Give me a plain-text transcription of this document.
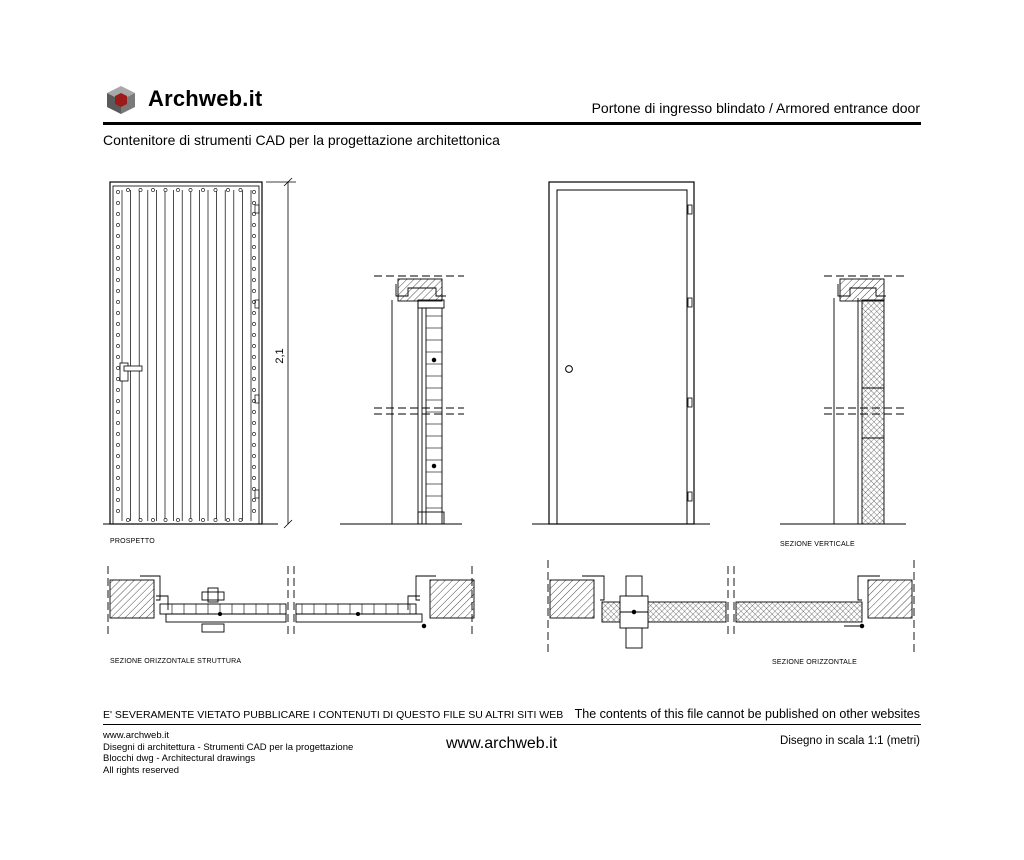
Archweb.it	Portone di ingresso blindato / Armored entrance door
Contenitore di strumenti CAD per la progettazione architettonica
2,1
PROSPETTO	SEZIONE VERTICALE
SEZIONE ORIZZONTALE STRUTTURA	SEZIONE ORIZZONTALE
E' SEVERAMENTE VIETATO PUBBLICARE I CONTENUTI DI QUESTO FILE SU ALTRI SITI WEB The contents of this file cannot be published on other websites
www.archweb.it
Disegni di architettura - Strumenti CAD per la progettazione
Blocchi dwg - Architectural drawings
All rights reserved
www.archweb.it	Disegno in scala 1:1 (metri)
